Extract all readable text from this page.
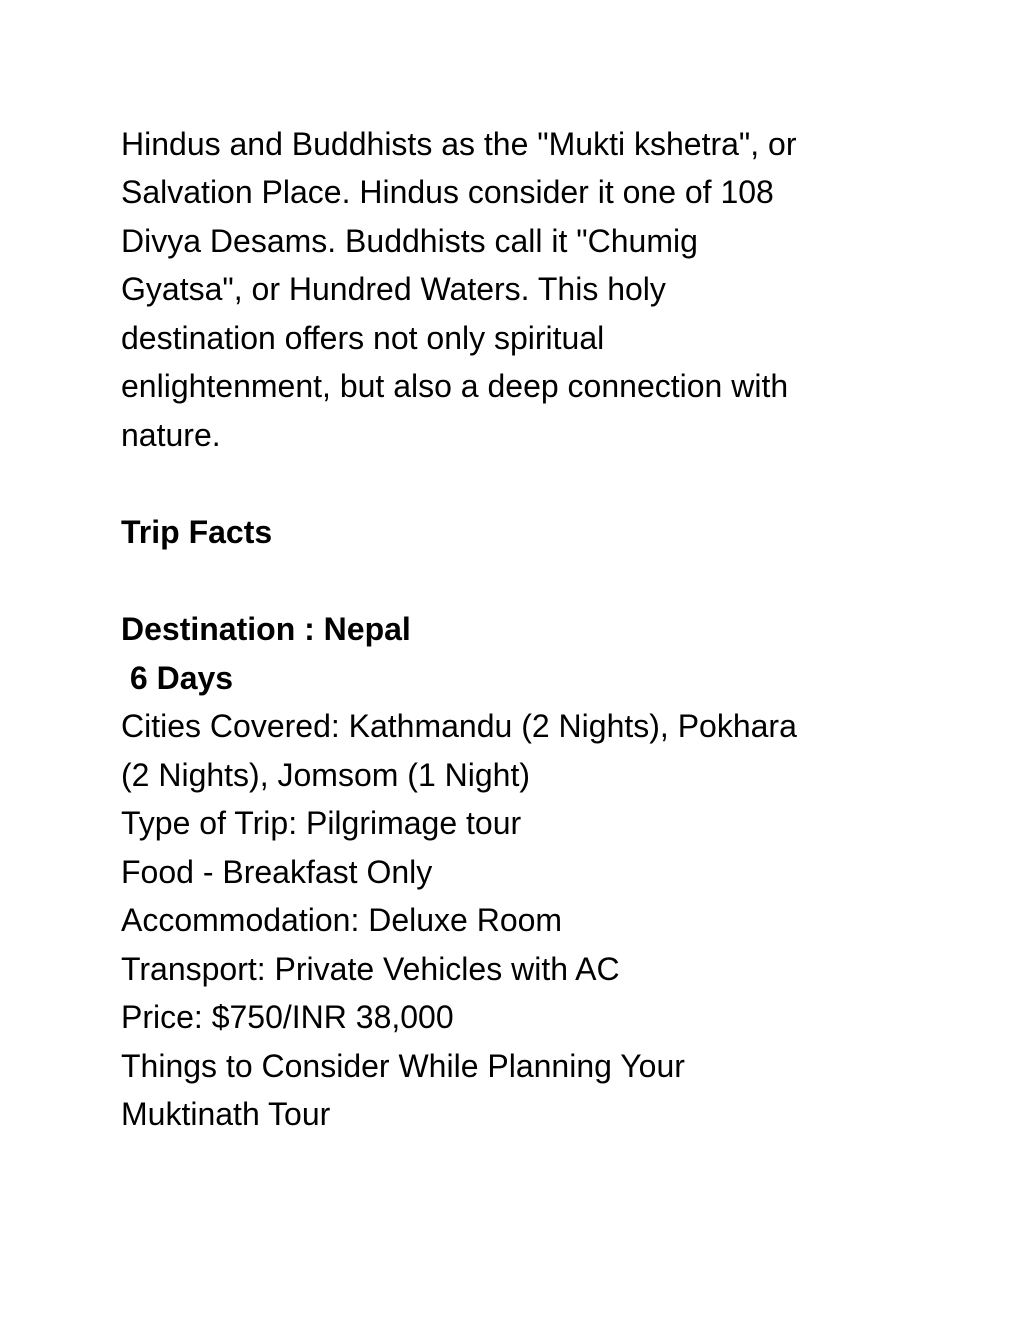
Hindus and Buddhists as the "Mukti kshetra", or
Salvation Place. Hindus consider it one of 108
Divya Desams. Buddhists call it "Chumig
Gyatsa", or Hundred Waters. This holy
destination offers not only spiritual
enlightenment, but also a deep connection with
nature.
Trip Facts
Destination : Nepal
6 Days
Cities Covered: Kathmandu (2 Nights), Pokhara
(2 Nights), Jomsom (1 Night)
Type of Trip: Pilgrimage tour
Food - Breakfast Only
Accommodation: Deluxe Room
Transport: Private Vehicles with AC
Price: $750/INR 38,000
Things to Consider While Planning Your
Muktinath Tour
